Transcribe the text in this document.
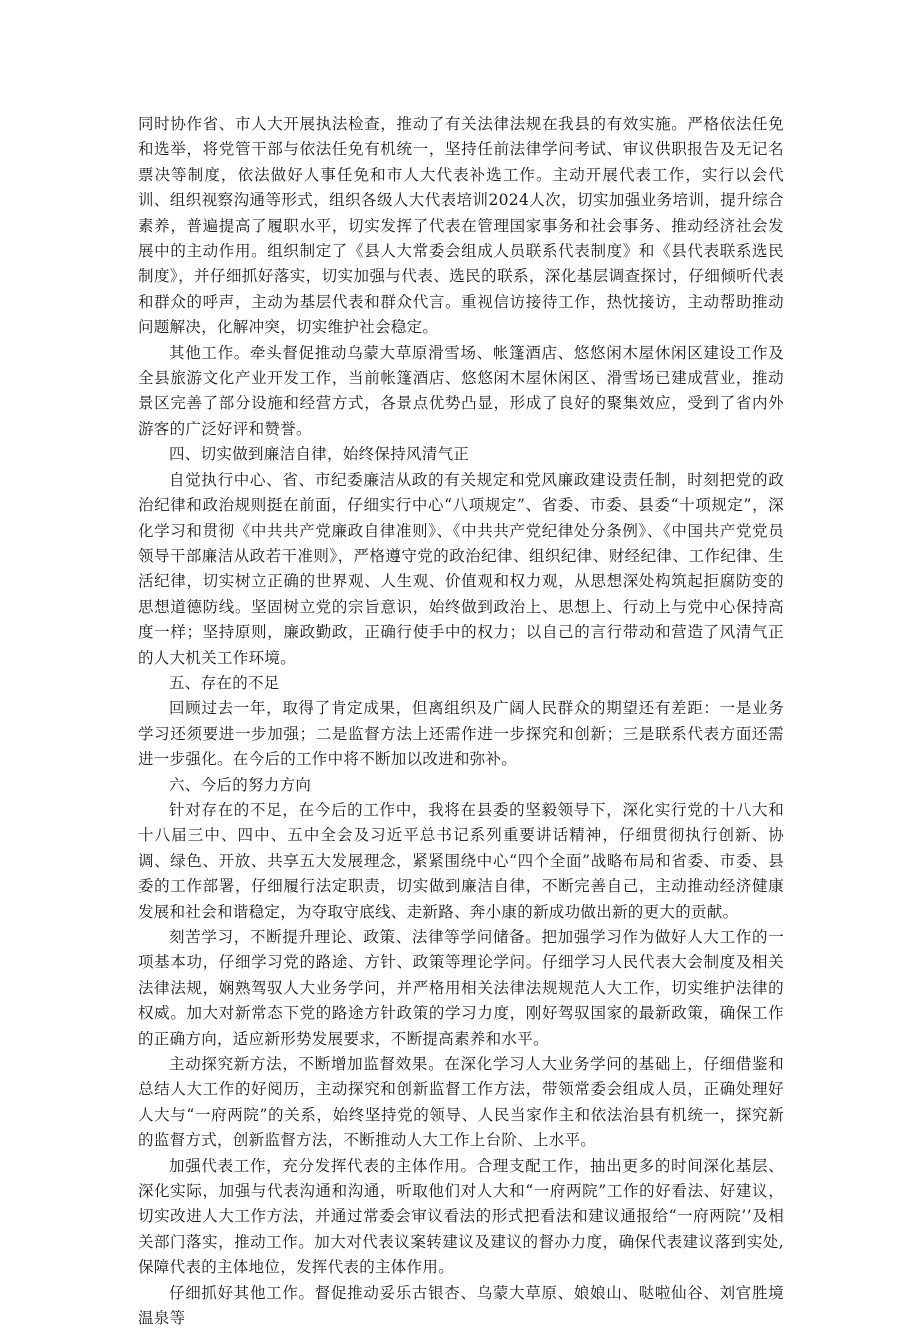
同时协作省、市人大开展执法检查，推动了有关法律法规在我县的有效实施。严格依法任免和选举，将党管干部与依法任免有机统一，坚持任前法律学问考试、审议供职报告及无记名票决等制度，依法做好人事任免和市人大代表补选工作。主动开展代表工作，实行以会代训、组织视察沟通等形式，组织各级人大代表培训2024人次，切实加强业务培训，提升综合素养，普遍提高了履职水平，切实发挥了代表在管理国家事务和社会事务、推动经济社会发展中的主动作用。组织制定了《县人大常委会组成人员联系代表制度》和《县代表联系选民制度》，并仔细抓好落实，切实加强与代表、选民的联系，深化基层调查探讨，仔细倾听代表和群众的呼声，主动为基层代表和群众代言。重视信访接待工作，热忱接访，主动帮助推动问题解决，化解冲突，切实维护社会稳定。

其他工作。牵头督促推动乌蒙大草原滑雪场、帐篷酒店、悠悠闲木屋休闲区建设工作及全县旅游文化产业开发工作，当前帐篷酒店、悠悠闲木屋休闲区、滑雪场已建成营业，推动景区完善了部分设施和经营方式，各景点优势凸显，形成了良好的聚集效应，受到了省内外游客的广泛好评和赞誉。

四、切实做到廉洁自律，始终保持风清气正

自觉执行中心、省、市纪委廉洁从政的有关规定和党风廉政建设责任制，时刻把党的政治纪律和政治规则挺在前面，仔细实行中心“八项规定”、省委、市委、县委“十项规定”，深化学习和贯彻《中共共产党廉政自律准则》、《中共共产党纪律处分条例》、《中国共产党党员领导干部廉洁从政若干准则》，严格遵守党的政治纪律、组织纪律、财经纪律、工作纪律、生活纪律，切实树立正确的世界观、人生观、价值观和权力观，从思想深处构筑起拒腐防变的思想道德防线。坚固树立党的宗旨意识，始终做到政治上、思想上、行动上与党中心保持高度一样；坚持原则，廉政勤政，正确行使手中的权力；以自己的言行带动和营造了风清气正的人大机关工作环境。

五、存在的不足

回顾过去一年，取得了肯定成果，但离组织及广阔人民群众的期望还有差距：一是业务学习还须要进一步加强；二是监督方法上还需作进一步探究和创新；三是联系代表方面还需进一步强化。在今后的工作中将不断加以改进和弥补。

六、今后的努力方向

针对存在的不足，在今后的工作中，我将在县委的坚毅领导下，深化实行党的十八大和十八届三中、四中、五中全会及习近平总书记系列重要讲话精神，仔细贯彻执行创新、协调、绿色、开放、共享五大发展理念，紧紧围绕中心“四个全面”战略布局和省委、市委、县委的工作部署，仔细履行法定职责，切实做到廉洁自律，不断完善自己，主动推动经济健康发展和社会和谐稳定，为夺取守底线、走新路、奔小康的新成功做出新的更大的贡献。

刻苦学习，不断提升理论、政策、法律等学问储备。把加强学习作为做好人大工作的一项基本功，仔细学习党的路途、方针、政策等理论学问。仔细学习人民代表大会制度及相关法律法规，娴熟驾驭人大业务学问，并严格用相关法律法规规范人大工作，切实维护法律的权威。加大对新常态下党的路途方针政策的学习力度，刚好驾驭国家的最新政策，确保工作的正确方向，适应新形势发展要求，不断提高素养和水平。

主动探究新方法，不断增加监督效果。在深化学习人大业务学问的基础上，仔细借鉴和总结人大工作的好阅历，主动探究和创新监督工作方法，带领常委会组成人员，正确处理好人大与“一府两院”的关系，始终坚持党的领导、人民当家作主和依法治县有机统一，探究新的监督方式，创新监督方法，不断推动人大工作上台阶、上水平。

加强代表工作，充分发挥代表的主体作用。合理支配工作，抽出更多的时间深化基层、深化实际，加强与代表沟通和沟通，听取他们对人大和“一府两院”工作的好看法、好建议，切实改进人大工作方法，并通过常委会审议看法的形式把看法和建议通报给“一府两院’’及相关部门落实，推动工作。加大对代表议案转建议及建议的督办力度，确保代表建议落到实处,保障代表的主体地位，发挥代表的主体作用。

仔细抓好其他工作。督促推动妥乐古银杏、乌蒙大草原、娘娘山、哒啦仙谷、刘官胜境温泉等
